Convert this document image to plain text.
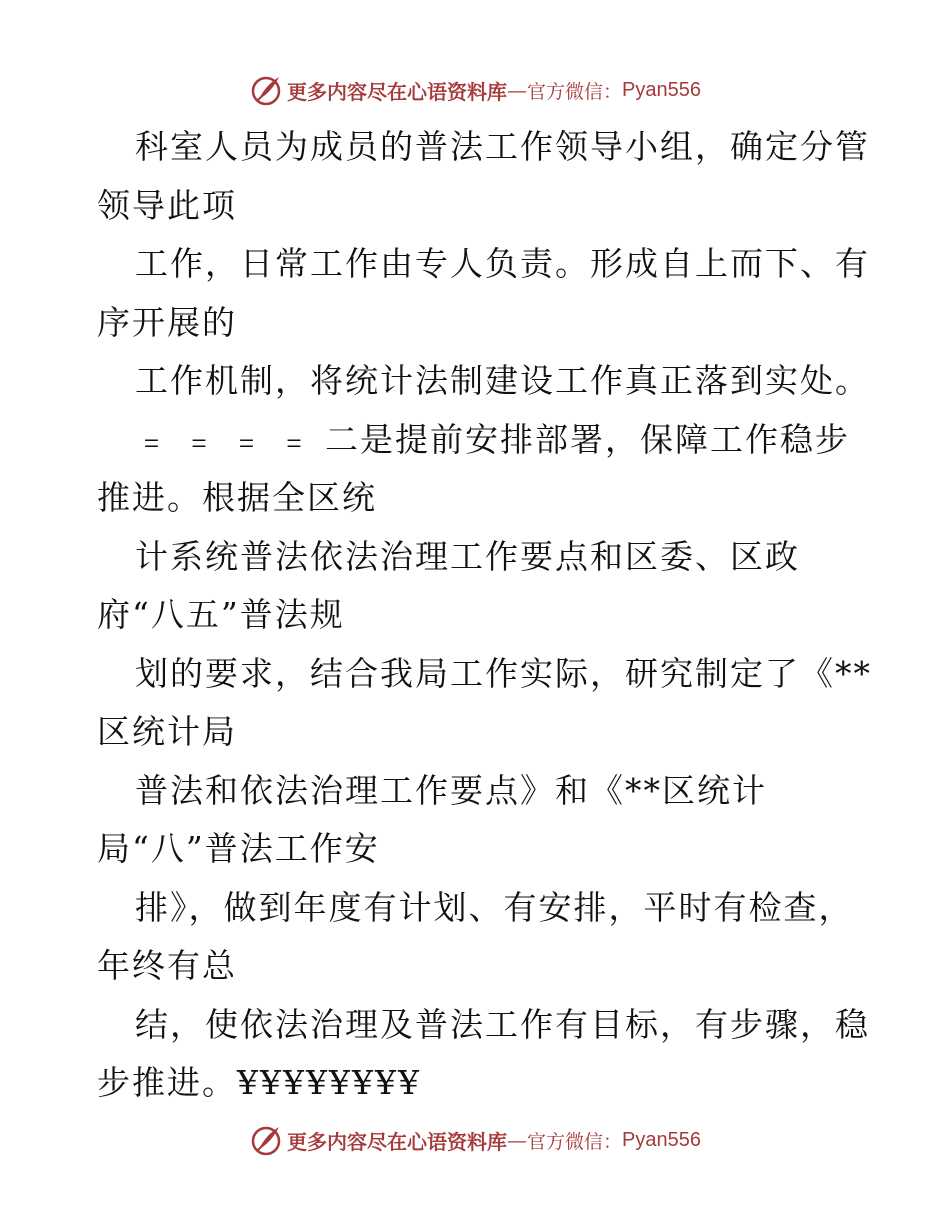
更多内容尽在心语资料库 — 官方微信： Pyan556
科室人员为成员的普法工作领导小组，确定分管
领导此项
工作，日常工作由专人负责。形成自上而下、有
序开展的
工作机制，将统计法制建设工作真正落到实处。
﹦ ﹦ ﹦ ﹦ 二是提前安排部署，保障工作稳步
推进。根据全区统
计系统普法依法治理工作要点和区委、区政
府“八五”普法规
划的要求，结合我局工作实际，研究制定了《**
区统计局
普法和依法治理工作要点》和《**区统计
局“八”普法工作安
排》，做到年度有计划、有安排，平时有检查，
年终有总
结，使依法治理及普法工作有目标，有步骤，稳
步推进。¥¥¥¥¥¥¥¥
更多内容尽在心语资料库 — 官方微信： Pyan556
